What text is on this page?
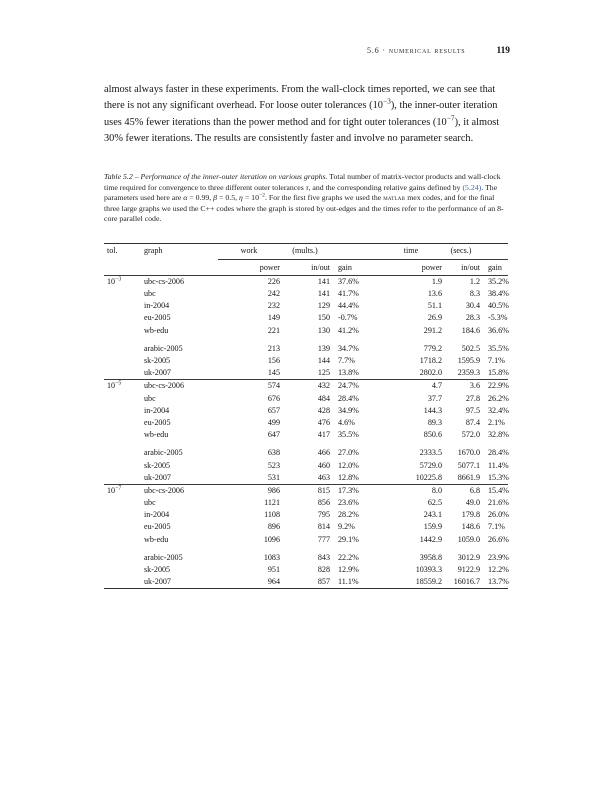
5.6 · numerical results	119

almost always faster in these experiments. From the wall-clock times reported, we can see that there is not any significant overhead. For loose outer tolerances $(10^{-3})$, the inner-outer iteration uses 45% fewer iterations than the power method and for tight outer tolerances $(10^{-7})$, it almost 30% fewer iterations. The results are consistently faster and involve no parameter search.

Table 5.2 – Performance of the inner-outer iteration on various graphs. Total number of matrix-vector products and wall-clock time required for convergence to three different outer tolerances τ, and the corresponding relative gains defined by (5.24). The parameters used here are α = 0.99, β = 0.5, $\eta = 10^{-2}$. For the first five graphs we used the matlab mex codes, and for the final three large graphs we used the C++ codes where the graph is stored by out-edges and the times refer to the performance of an 8-core parallel code.
tol.	graph	work	(mults.)		time	(secs.)	
		power	in/out	gain	power	in/out	gain
$10^{-3}$	ubc-cs-2006	226	141	37.6%	1.9	1.2	35.2%
	ubc	242	141	41.7%	13.6	8.3	38.4%
	in-2004	232	129	44.4%	51.1	30.4	40.5%
	eu-2005	149	150	-0.7%	26.9	28.3	-5.3%
	wb-edu	221	130	41.2%	291.2	184.6	36.6%

	arabic-2005	213	139	34.7%	779.2	502.5	35.5%
	sk-2005	156	144	7.7%	1718.2	1595.9	7.1%
	uk-2007	145	125	13.8%	2802.0	2359.3	15.8%
$10^{-5}$	ubc-cs-2006	574	432	24.7%	4.7	3.6	22.9%
	ubc	676	484	28.4%	37.7	27.8	26.2%
	in-2004	657	428	34.9%	144.3	97.5	32.4%
	eu-2005	499	476	4.6%	89.3	87.4	2.1%
	wb-edu	647	417	35.5%	850.6	572.0	32.8%

	arabic-2005	638	466	27.0%	2333.5	1670.0	28.4%
	sk-2005	523	460	12.0%	5729.0	5077.1	11.4%
	uk-2007	531	463	12.8%	10225.8	8661.9	15.3%
$10^{-7}$	ubc-cs-2006	986	815	17.3%	8.0	6.8	15.4%
	ubc	1121	856	23.6%	62.5	49.0	21.6%
	in-2004	1108	795	28.2%	243.1	179.8	26.0%
	eu-2005	896	814	9.2%	159.9	148.6	7.1%
	wb-edu	1096	777	29.1%	1442.9	1059.0	26.6%

	arabic-2005	1083	843	22.2%	3958.8	3012.9	23.9%
	sk-2005	951	828	12.9%	10393.3	9122.9	12.2%
	uk-2007	964	857	11.1%	18559.2	16016.7	13.7%
